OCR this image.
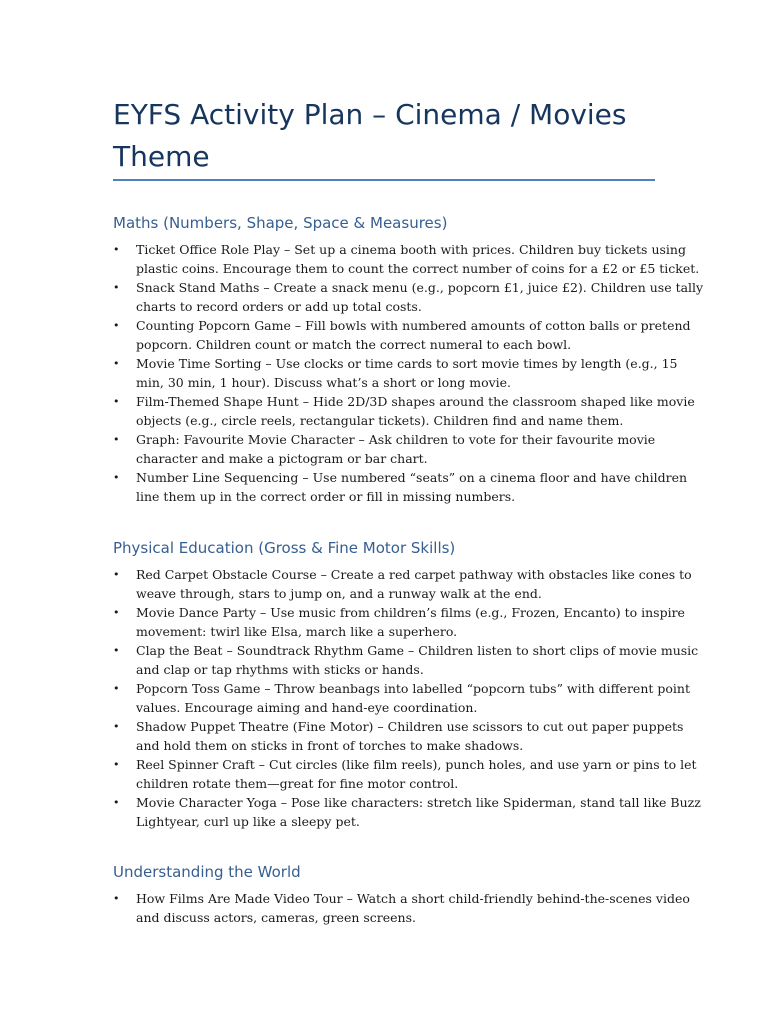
EYFS Activity Plan – Cinema / Movies Theme
Maths (Numbers, Shape, Space & Measures)
• Ticket Office Role Play – Set up a cinema booth with prices. Children buy tickets using
plastic coins. Encourage them to count the correct number of coins for a £2 or £5 ticket.
• Snack Stand Maths – Create a snack menu (e.g., popcorn £1, juice £2). Children use tally
charts to record orders or add up total costs.
• Counting Popcorn Game – Fill bowls with numbered amounts of cotton balls or pretend
popcorn. Children count or match the correct numeral to each bowl.
• Movie Time Sorting – Use clocks or time cards to sort movie times by length (e.g., 15
min, 30 min, 1 hour). Discuss what’s a short or long movie.
• Film-Themed Shape Hunt – Hide 2D/3D shapes around the classroom shaped like movie
objects (e.g., circle reels, rectangular tickets). Children find and name them.
• Graph: Favourite Movie Character – Ask children to vote for their favourite movie
character and make a pictogram or bar chart.
• Number Line Sequencing – Use numbered “seats” on a cinema floor and have children
line them up in the correct order or fill in missing numbers.
Physical Education (Gross & Fine Motor Skills)
• Red Carpet Obstacle Course – Create a red carpet pathway with obstacles like cones to
weave through, stars to jump on, and a runway walk at the end.
• Movie Dance Party – Use music from children’s films (e.g., Frozen, Encanto) to inspire
movement: twirl like Elsa, march like a superhero.
• Clap the Beat – Soundtrack Rhythm Game – Children listen to short clips of movie music
and clap or tap rhythms with sticks or hands.
• Popcorn Toss Game – Throw beanbags into labelled “popcorn tubs” with different point
values. Encourage aiming and hand-eye coordination.
• Shadow Puppet Theatre (Fine Motor) – Children use scissors to cut out paper puppets
and hold them on sticks in front of torches to make shadows.
• Reel Spinner Craft – Cut circles (like film reels), punch holes, and use yarn or pins to let
children rotate them—great for fine motor control.
• Movie Character Yoga – Pose like characters: stretch like Spiderman, stand tall like Buzz
Lightyear, curl up like a sleepy pet.
Understanding the World
• How Films Are Made Video Tour – Watch a short child-friendly behind-the-scenes video
and discuss actors, cameras, green screens.
